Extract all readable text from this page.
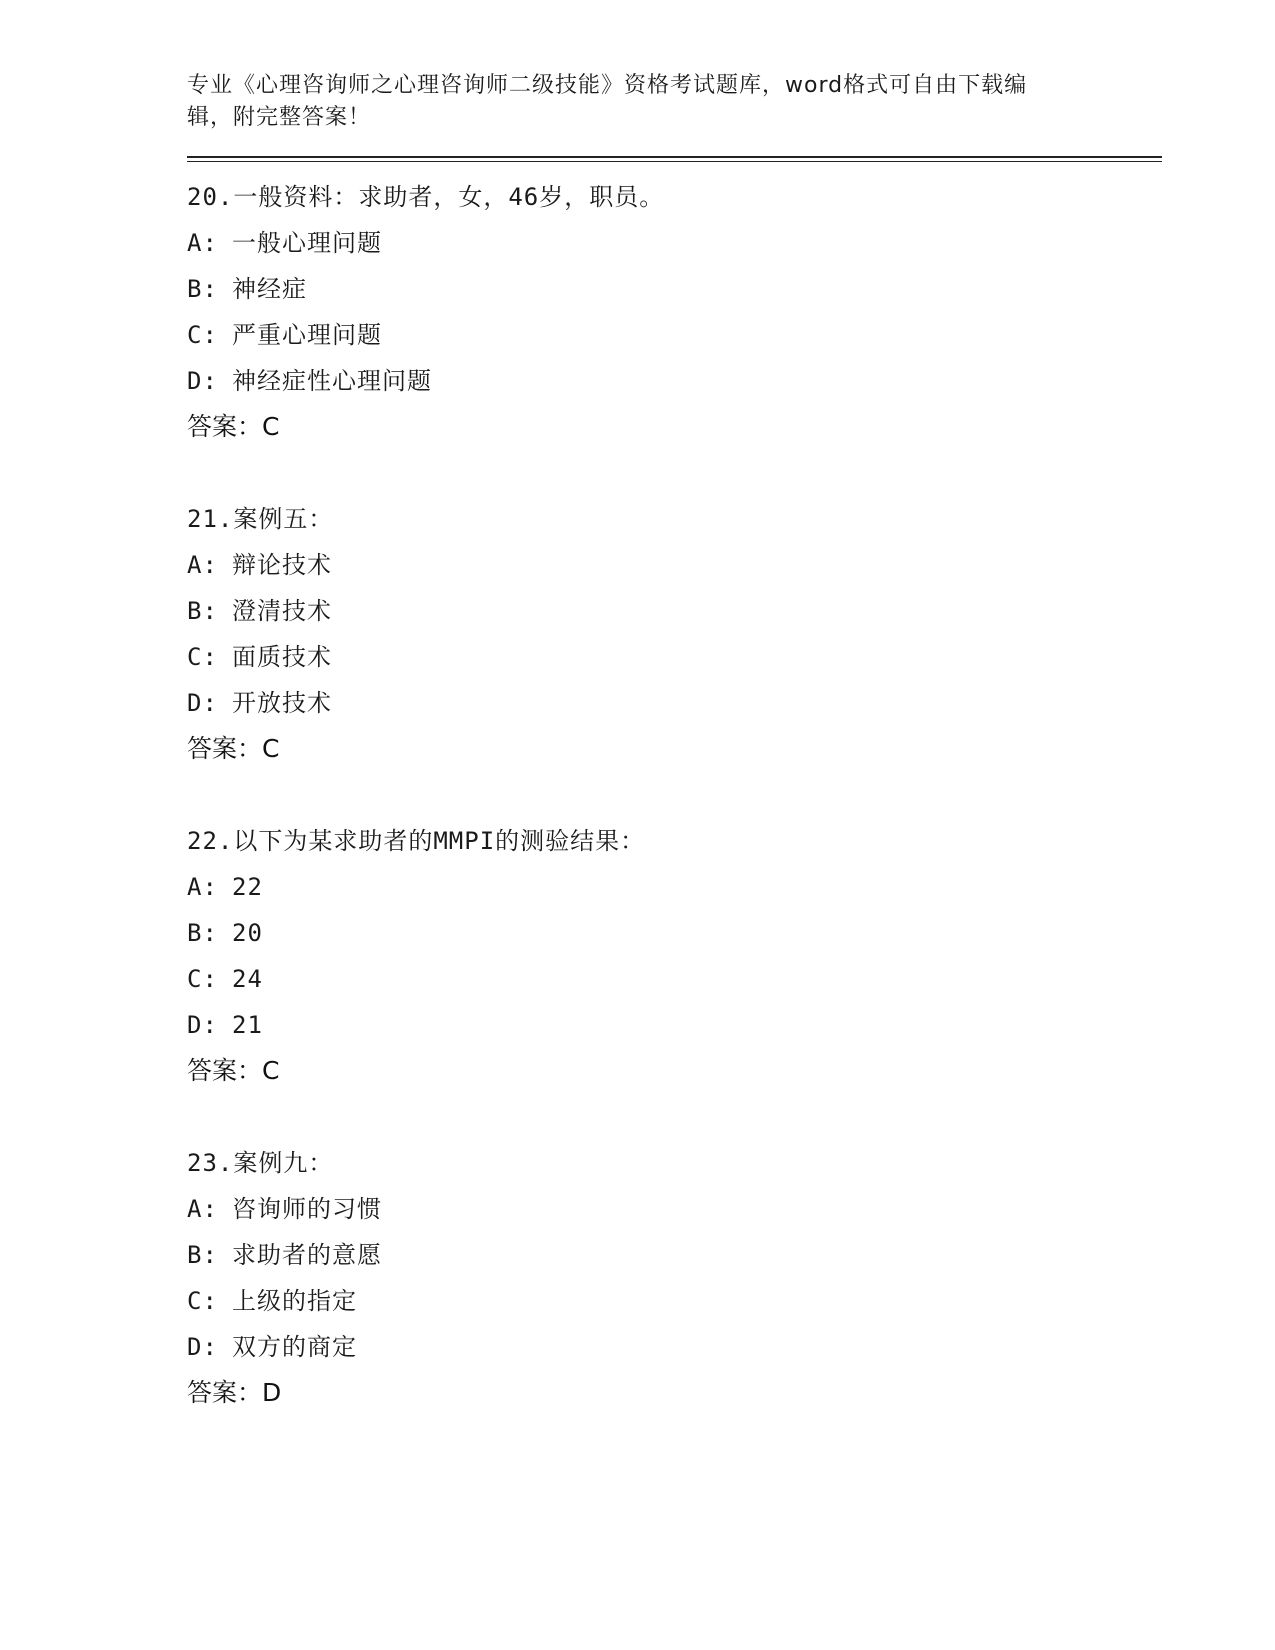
专业《心理咨询师之心理咨询师二级技能》资格考试题库，word格式可自由下载编辑，附完整答案！
20.一般资料：求助者，女，46岁，职员。
A: 一般心理问题
B: 神经症
C: 严重心理问题
D: 神经症性心理问题
答案：C
21.案例五：
A: 辩论技术
B: 澄清技术
C: 面质技术
D: 开放技术
答案：C
22.以下为某求助者的MMPI的测验结果：
A: 22
B: 20
C: 24
D: 21
答案：C
23.案例九：
A: 咨询师的习惯
B: 求助者的意愿
C: 上级的指定
D: 双方的商定
答案：D
